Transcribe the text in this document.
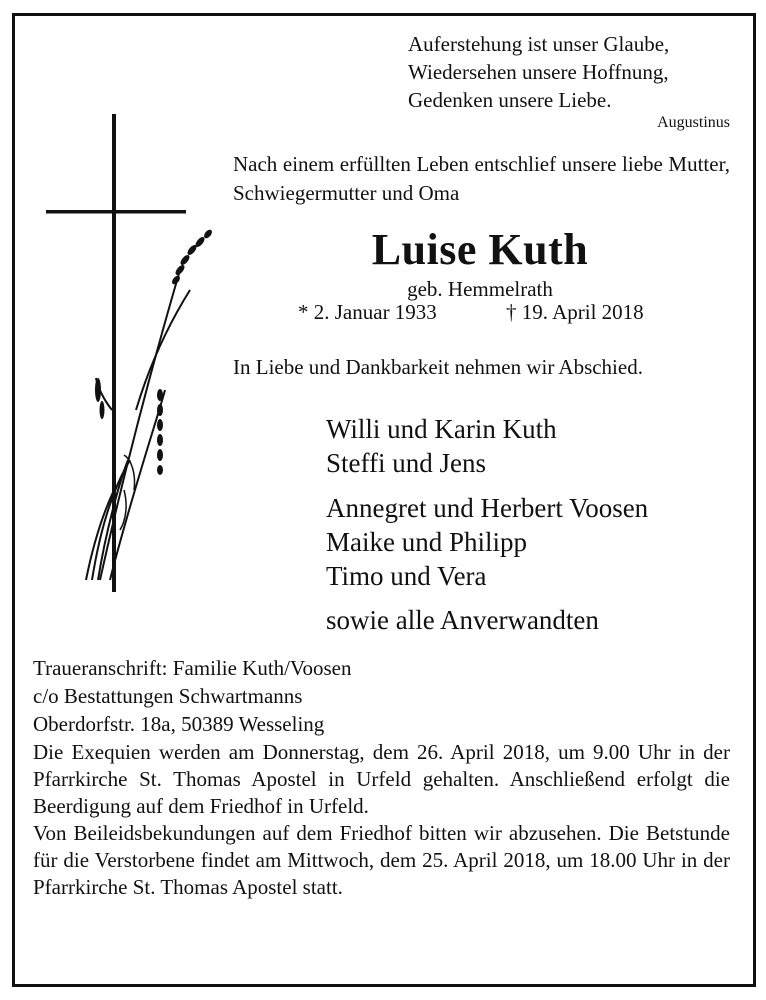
Auferstehung ist unser Glaube,
Wiedersehen unsere Hoffnung,
Gedenken unsere Liebe.
Augustinus
Nach einem erfüllten Leben entschlief unsere liebe Mutter, Schwiegermutter und Oma
Luise Kuth
geb. Hemmelrath
* 2. Januar 1933	† 19. April 2018
In Liebe und Dankbarkeit nehmen wir Abschied.
Willi und Karin Kuth
Steffi und Jens
Annegret und Herbert Voosen
Maike und Philipp
Timo und Vera
sowie alle Anverwandten
Traueranschrift: Familie Kuth/Voosen
c/o Bestattungen Schwartmanns
Oberdorfstr. 18a, 50389 Wesseling

Die Exequien werden am Donnerstag, dem 26. April 2018, um 9.00 Uhr in der Pfarrkirche St. Thomas Apostel in Urfeld gehalten. Anschließend erfolgt die Beerdigung auf dem Friedhof in Urfeld.

Von Beileidsbekundungen auf dem Friedhof bitten wir abzusehen. Die Betstunde für die Verstorbene findet am Mittwoch, dem 25. April 2018, um 18.00 Uhr in der Pfarrkirche St. Thomas Apostel statt.
